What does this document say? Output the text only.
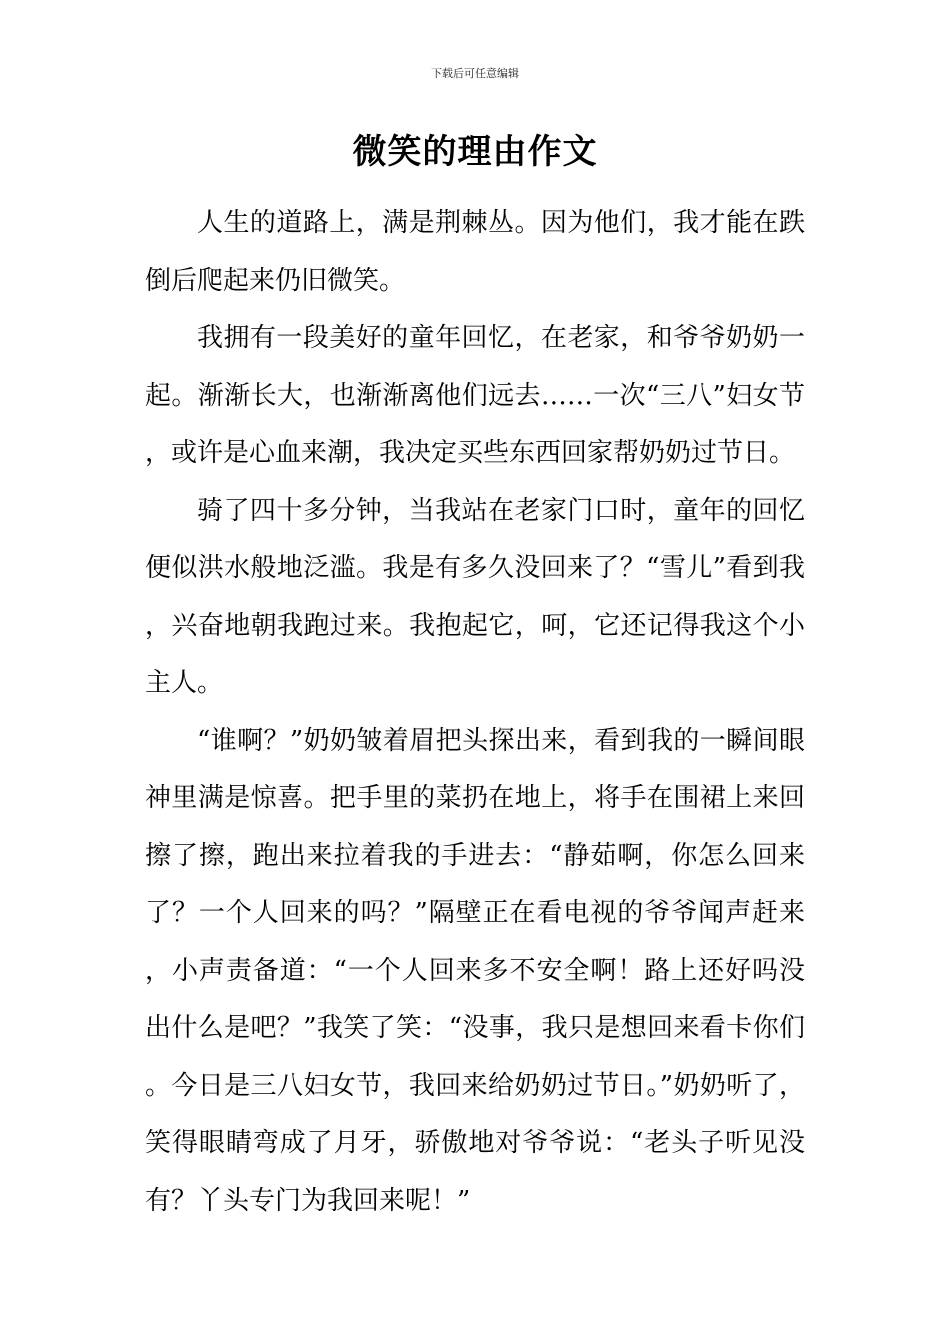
下载后可任意编辑
微笑的理由作文

人生的道路上，满是荆棘丛。因为他们，我才能在跌倒后爬起来仍旧微笑。

我拥有一段美好的童年回忆，在老家，和爷爷奶奶一起。渐渐长大，也渐渐离他们远去……一次“三八”妇女节，或许是心血来潮，我决定买些东西回家帮奶奶过节日。

骑了四十多分钟，当我站在老家门口时，童年的回忆便似洪水般地泛滥。我是有多久没回来了？“雪儿”看到我，兴奋地朝我跑过来。我抱起它，呵，它还记得我这个小主人。

“谁啊？”奶奶皱着眉把头探出来，看到我的一瞬间眼神里满是惊喜。把手里的菜扔在地上，将手在围裙上来回擦了擦，跑出来拉着我的手进去：“静茹啊，你怎么回来了？一个人回来的吗？”隔壁正在看电视的爷爷闻声赶来，小声责备道：“一个人回来多不安全啊！路上还好吗没出什么是吧？”我笑了笑：“没事，我只是想回来看卡你们。今日是三八妇女节，我回来给奶奶过节日。”奶奶听了，笑得眼睛弯成了月牙，骄傲地对爷爷说：“老头子听见没有？丫头专门为我回来呢！”
